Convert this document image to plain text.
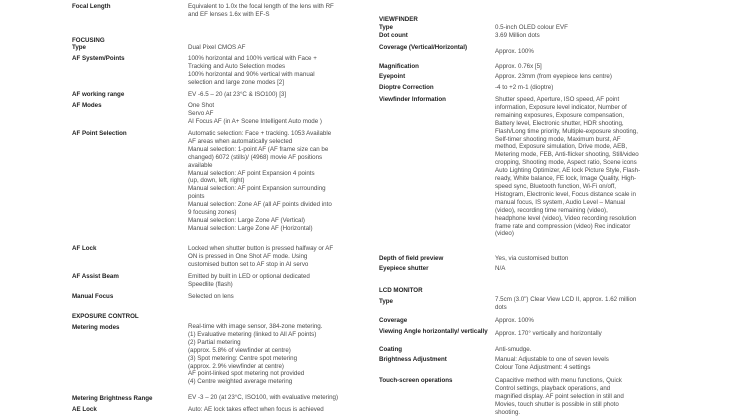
Focal Length	Equivalent to 1.0x the focal length of the lens with RF

and EF lenses 1.6x with EF-S

FOCUSING
Type	Dual Pixel CMOS AF

AF System/Points	100% horizontal and 100% vertical with Face +

Tracking and Auto Selection modes

100% horizontal and 90% vertical with manual

selection and large zone modes [2]

AF working range	EV -6.5 – 20 (at 23°C & ISO100) [3]

AF Modes	One Shot

Servo AF

AI Focus AF (in A+ Scene Intelligent Auto mode )

AF Point Selection	Automatic selection: Face + tracking. 1053 Available

AF areas when automatically selected

Manual selection: 1-point AF (AF frame size can be

changed) 6072 (stills)/ (4968) movie AF positions

available

Manual selection: AF point Expansion 4 points

(up, down, left, right)

Manual selection: AF point Expansion surrounding

points

Manual selection: Zone AF (all AF points divided into

9 focusing zones)

Manual selection: Large Zone AF (Vertical)

Manual selection: Large Zone AF (Horizontal)

AF Lock	Locked when shutter button is pressed halfway or AF

ON is pressed in One Shot AF mode. Using

customised button set to AF stop in AI servo

AF Assist Beam	Emitted by built in LED or optional dedicated

Speedlite (flash)

Manual Focus	Selected on lens

EXPOSURE CONTROL
Metering modes	Real-time with image sensor, 384-zone metering.

(1) Evaluative metering (linked to All AF points)

(2) Partial metering

(approx. 5.8% of viewfinder at centre)

(3) Spot metering: Centre spot metering

(approx. 2.9% viewfinder at centre)

AF point-linked spot metering not provided

(4) Centre weighted average metering

Metering Brightness Range	EV -3 – 20 (at 23°C, ISO100, with evaluative metering)

AE Lock	Auto: AE lock takes effect when focus is achieved

VIEWFINDER
Type	0.5-inch OLED colour EVF

Dot count	3.69 Million dots

Coverage (Vertical/Horizontal)

Approx. 100%

Magnification	Approx. 0.76x [5]

Eyepoint	Approx. 23mm (from eyepiece lens centre)

Dioptre Correction	-4 to +2 m-1 (dioptre)

Viewfinder Information	Shutter speed, Aperture, ISO speed, AF point

information, Exposure level indicator, Number of

remaining exposures, Exposure compensation,

Battery level, Electronic shutter, HDR shooting,

Flash/Long time priority, Multiple-exposure shooting,

Self-timer shooting mode, Maximum burst, AF

method, Exposure simulation, Drive mode, AEB,

Metering mode, FEB, Anti-flicker shooting, Still/video

cropping, Shooting mode, Aspect ratio, Scene icons

Auto Lighting Optimizer, AE lock Picture Style, Flash-

ready, White balance, FE lock, Image Quality, High-

speed sync, Bluetooth function, Wi-Fi on/off,

Histogram, Electronic level, Focus distance scale in

manual focus, IS system, Audio Level – Manual

(video), recording time remaining (video),

headphone level (video), Video recording resolution

frame rate and compression (video) Rec indicator

(video)

Depth of field preview	Yes, via customised button

Eyepiece shutter	N/A

LCD MONITOR
Type	7.5cm (3.0") Clear View LCD II, approx. 1.62 million

dots

Coverage	Approx. 100%

Viewing Angle horizontally/ vertically	Approx. 170° vertically and horizontally

Coating	Anti-smudge.

Brightness Adjustment	Manual: Adjustable to one of seven levels

Colour Tone Adjustment: 4 settings

Touch-screen operations	Capacitive method with menu functions, Quick

Control settings, playback operations, and

magnified display. AF point selection in still and

Movies, touch shutter is possible in still photo

shooting.
